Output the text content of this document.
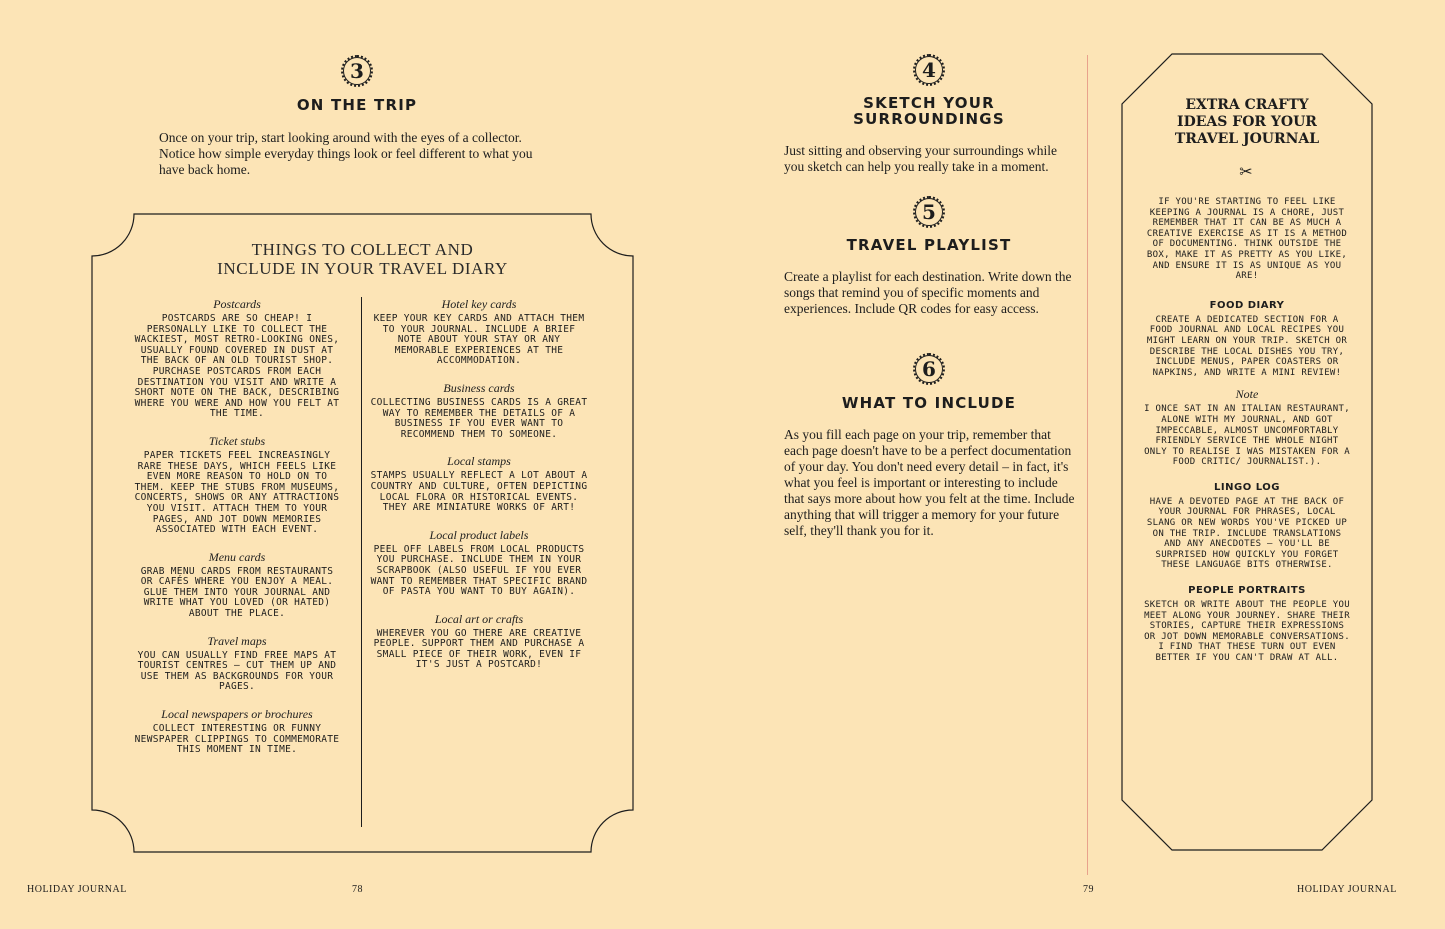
3
ON THE TRIP
Once on your trip, start looking around with the eyes of a collector. Notice how simple everyday things look or feel different to what you have back home.
THINGS TO COLLECT AND
INCLUDE IN YOUR TRAVEL DIARY
Postcards
POSTCARDS ARE SO CHEAP! I PERSONALLY LIKE TO COLLECT THE WACKIEST, MOST RETRO-LOOKING ONES, USUALLY FOUND COVERED IN DUST AT THE BACK OF AN OLD TOURIST SHOP. PURCHASE POSTCARDS FROM EACH DESTINATION YOU VISIT AND WRITE A SHORT NOTE ON THE BACK, DESCRIBING WHERE YOU WERE AND HOW YOU FELT AT THE TIME.
Ticket stubs
PAPER TICKETS FEEL INCREASINGLY RARE THESE DAYS, WHICH FEELS LIKE EVEN MORE REASON TO HOLD ON TO THEM. KEEP THE STUBS FROM MUSEUMS, CONCERTS, SHOWS OR ANY ATTRACTIONS YOU VISIT. ATTACH THEM TO YOUR PAGES, AND JOT DOWN MEMORIES ASSOCIATED WITH EACH EVENT.
Menu cards
GRAB MENU CARDS FROM RESTAURANTS OR CAFÉS WHERE YOU ENJOY A MEAL. GLUE THEM INTO YOUR JOURNAL AND WRITE WHAT YOU LOVED (OR HATED) ABOUT THE PLACE.
Travel maps
YOU CAN USUALLY FIND FREE MAPS AT TOURIST CENTRES – CUT THEM UP AND USE THEM AS BACKGROUNDS FOR YOUR PAGES.
Local newspapers or brochures
COLLECT INTERESTING OR FUNNY NEWSPAPER CLIPPINGS TO COMMEMORATE THIS MOMENT IN TIME.
Hotel key cards
KEEP YOUR KEY CARDS AND ATTACH THEM TO YOUR JOURNAL. INCLUDE A BRIEF NOTE ABOUT YOUR STAY OR ANY MEMORABLE EXPERIENCES AT THE ACCOMMODATION.
Business cards
COLLECTING BUSINESS CARDS IS A GREAT WAY TO REMEMBER THE DETAILS OF A BUSINESS IF YOU EVER WANT TO RECOMMEND THEM TO SOMEONE.
Local stamps
STAMPS USUALLY REFLECT A LOT ABOUT A COUNTRY AND CULTURE, OFTEN DEPICTING LOCAL FLORA OR HISTORICAL EVENTS. THEY ARE MINIATURE WORKS OF ART!
Local product labels
PEEL OFF LABELS FROM LOCAL PRODUCTS YOU PURCHASE. INCLUDE THEM IN YOUR SCRAPBOOK (ALSO USEFUL IF YOU EVER WANT TO REMEMBER THAT SPECIFIC BRAND OF PASTA YOU WANT TO BUY AGAIN).
Local art or crafts
WHEREVER YOU GO THERE ARE CREATIVE PEOPLE. SUPPORT THEM AND PURCHASE A SMALL PIECE OF THEIR WORK, EVEN IF IT'S JUST A POSTCARD!
HOLIDAY JOURNAL	78
4
SKETCH YOUR
SURROUNDINGS
Just sitting and observing your surroundings while you sketch can help you really take in a moment.
5
TRAVEL PLAYLIST
Create a playlist for each destination. Write down the songs that remind you of specific moments and experiences. Include QR codes for easy access.
6
WHAT TO INCLUDE
As you fill each page on your trip, remember that each page doesn't have to be a perfect documentation of your day. You don't need every detail – in fact, it's what you feel is important or interesting to include that says more about how you felt at the time. Include anything that will trigger a memory for your future self, they'll thank you for it.
EXTRA CRAFTY
IDEAS FOR YOUR
TRAVEL JOURNAL
✂
IF YOU'RE STARTING TO FEEL LIKE KEEPING A JOURNAL IS A CHORE, JUST REMEMBER THAT IT CAN BE AS MUCH A CREATIVE EXERCISE AS IT IS A METHOD OF DOCUMENTING. THINK OUTSIDE THE BOX, MAKE IT AS PRETTY AS YOU LIKE, AND ENSURE IT IS AS UNIQUE AS YOU ARE!
FOOD DIARY
CREATE A DEDICATED SECTION FOR A FOOD JOURNAL AND LOCAL RECIPES YOU MIGHT LEARN ON YOUR TRIP. SKETCH OR DESCRIBE THE LOCAL DISHES YOU TRY, INCLUDE MENUS, PAPER COASTERS OR NAPKINS, AND WRITE A MINI REVIEW!
Note
I ONCE SAT IN AN ITALIAN RESTAURANT, ALONE WITH MY JOURNAL, AND GOT IMPECCABLE, ALMOST UNCOMFORTABLY FRIENDLY SERVICE THE WHOLE NIGHT ONLY TO REALISE I WAS MISTAKEN FOR A FOOD CRITIC/ JOURNALIST.).
LINGO LOG
HAVE A DEVOTED PAGE AT THE BACK OF YOUR JOURNAL FOR PHRASES, LOCAL SLANG OR NEW WORDS YOU'VE PICKED UP ON THE TRIP. INCLUDE TRANSLATIONS AND ANY ANECDOTES – YOU'LL BE SURPRISED HOW QUICKLY YOU FORGET THESE LANGUAGE BITS OTHERWISE.
PEOPLE PORTRAITS
SKETCH OR WRITE ABOUT THE PEOPLE YOU MEET ALONG YOUR JOURNEY. SHARE THEIR STORIES, CAPTURE THEIR EXPRESSIONS OR JOT DOWN MEMORABLE CONVERSATIONS. I FIND THAT THESE TURN OUT EVEN BETTER IF YOU CAN'T DRAW AT ALL.
79	HOLIDAY JOURNAL
